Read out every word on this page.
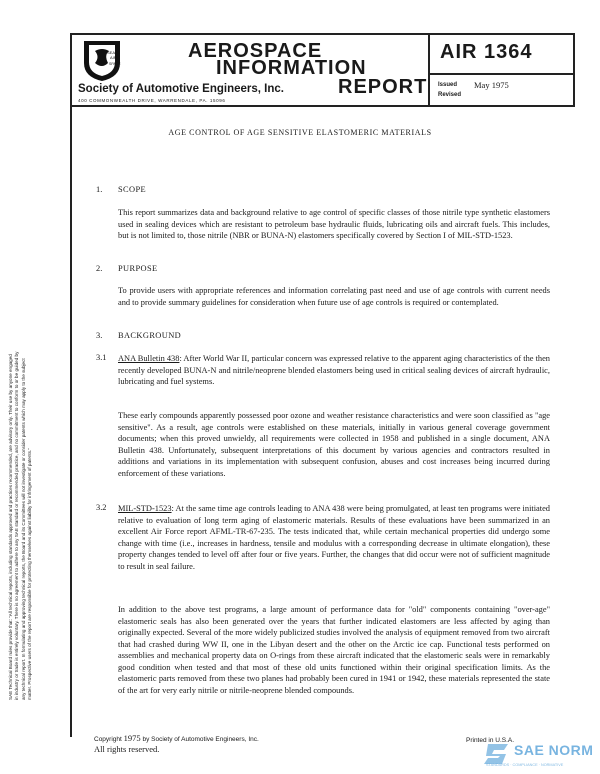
SAE
SEA
AIR
SPACE
AEROSPACE
INFORMATION
REPORT
Society of Automotive Engineers, Inc.
400 COMMONWEALTH DRIVE, WARRENDALE, PA. 15096
AIR 1364
Issued May 1975
Revised
SAE Technical Board rules provide that: "All technical reports, including standards approved and practices recommended, are advisory only. Their use by anyone engaged in industry or trade is entirely voluntary. There is no agreement to adhere to any SAE standard or recommended practice, and no commitment to conform to or be guided by any technical report. In formulating and approving technical reports, the Board and its Committees will not investigate or consider patents which may apply to the subject matter. Prospective users of the report are responsible for protecting themselves against liability for infringement of patents."
AGE CONTROL OF AGE SENSITIVE ELASTOMERIC MATERIALS
1. SCOPE
This report summarizes data and background relative to age control of specific classes of those nitrile type synthetic elastomers used in sealing devices which are resistant to petroleum base hydraulic fluids, lubricating oils and aircraft fuels. This includes, but is not limited to, those nitrile (NBR or BUNA-N) elastomers specifically covered by Section I of MIL-STD-1523.
2. PURPOSE
To provide users with appropriate references and information correlating past need and use of age controls with current needs and to provide summary guidelines for consideration when future use of age controls is required or contemplated.
3. BACKGROUND
3.1 ANA Bulletin 438: After World War II, particular concern was expressed relative to the apparent aging characteristics of the then recently developed BUNA-N and nitrile/neoprene blended elastomers being used in critical sealing devices of aircraft hydraulic, lubricating and fuel systems.
These early compounds apparently possessed poor ozone and weather resistance characteristics and were soon classified as "age sensitive". As a result, age controls were established on these materials, initially in various general coverage government documents; when this proved unwieldy, all requirements were collected in 1958 and published in a single document, ANA Bulletin 438. Unfortunately, subsequent interpretations of this document by various agencies and contractors resulted in additions and variations in its implementation with subsequent confusion, abuses and cost increases being incurred during enforcement of these variations.
3.2 MIL-STD-1523: At the same time age controls leading to ANA 438 were being promulgated, at least ten programs were initiated relative to evaluation of long term aging of elastomeric materials. Results of these evaluations have been summarized in an excellent Air Force report AFML-TR-67-235. The tests indicated that, while certain mechanical properties did undergo some change with time (i.e., increases in hardness, tensile and modulus with a corresponding decrease in ultimate elongation), these property changes tended to level off after four or five years. Further, the changes that did occur were not of sufficient magnitude to result in seal failure.
In addition to the above test programs, a large amount of performance data for "old" components containing "over-age" elastomeric seals has also been generated over the years that further indicated elastomers are less affected by aging than originally expected. Several of the more widely publicized studies involved the analysis of equipment removed from two aircraft that had crashed during WW II, one in the Libyan desert and the other on the Arctic ice cap. Functional tests performed on assemblies and mechanical property data on O-rings from these aircraft indicated that the elastomeric seals were in remarkably good condition when tested and that most of these old units functioned within their original specification limits. As the elastomeric parts removed from these two planes had probably been cured in 1941 or 1942, these materials represented the state of the art for very early nitrile or nitrile-neoprene blended compounds.
Copyright 1975 by Society of Automotive Engineers, Inc.
All rights reserved.
Printed in U.S.A.
SAE NORM
STANDARDS · COMPLIANCE · NORMATIVE
